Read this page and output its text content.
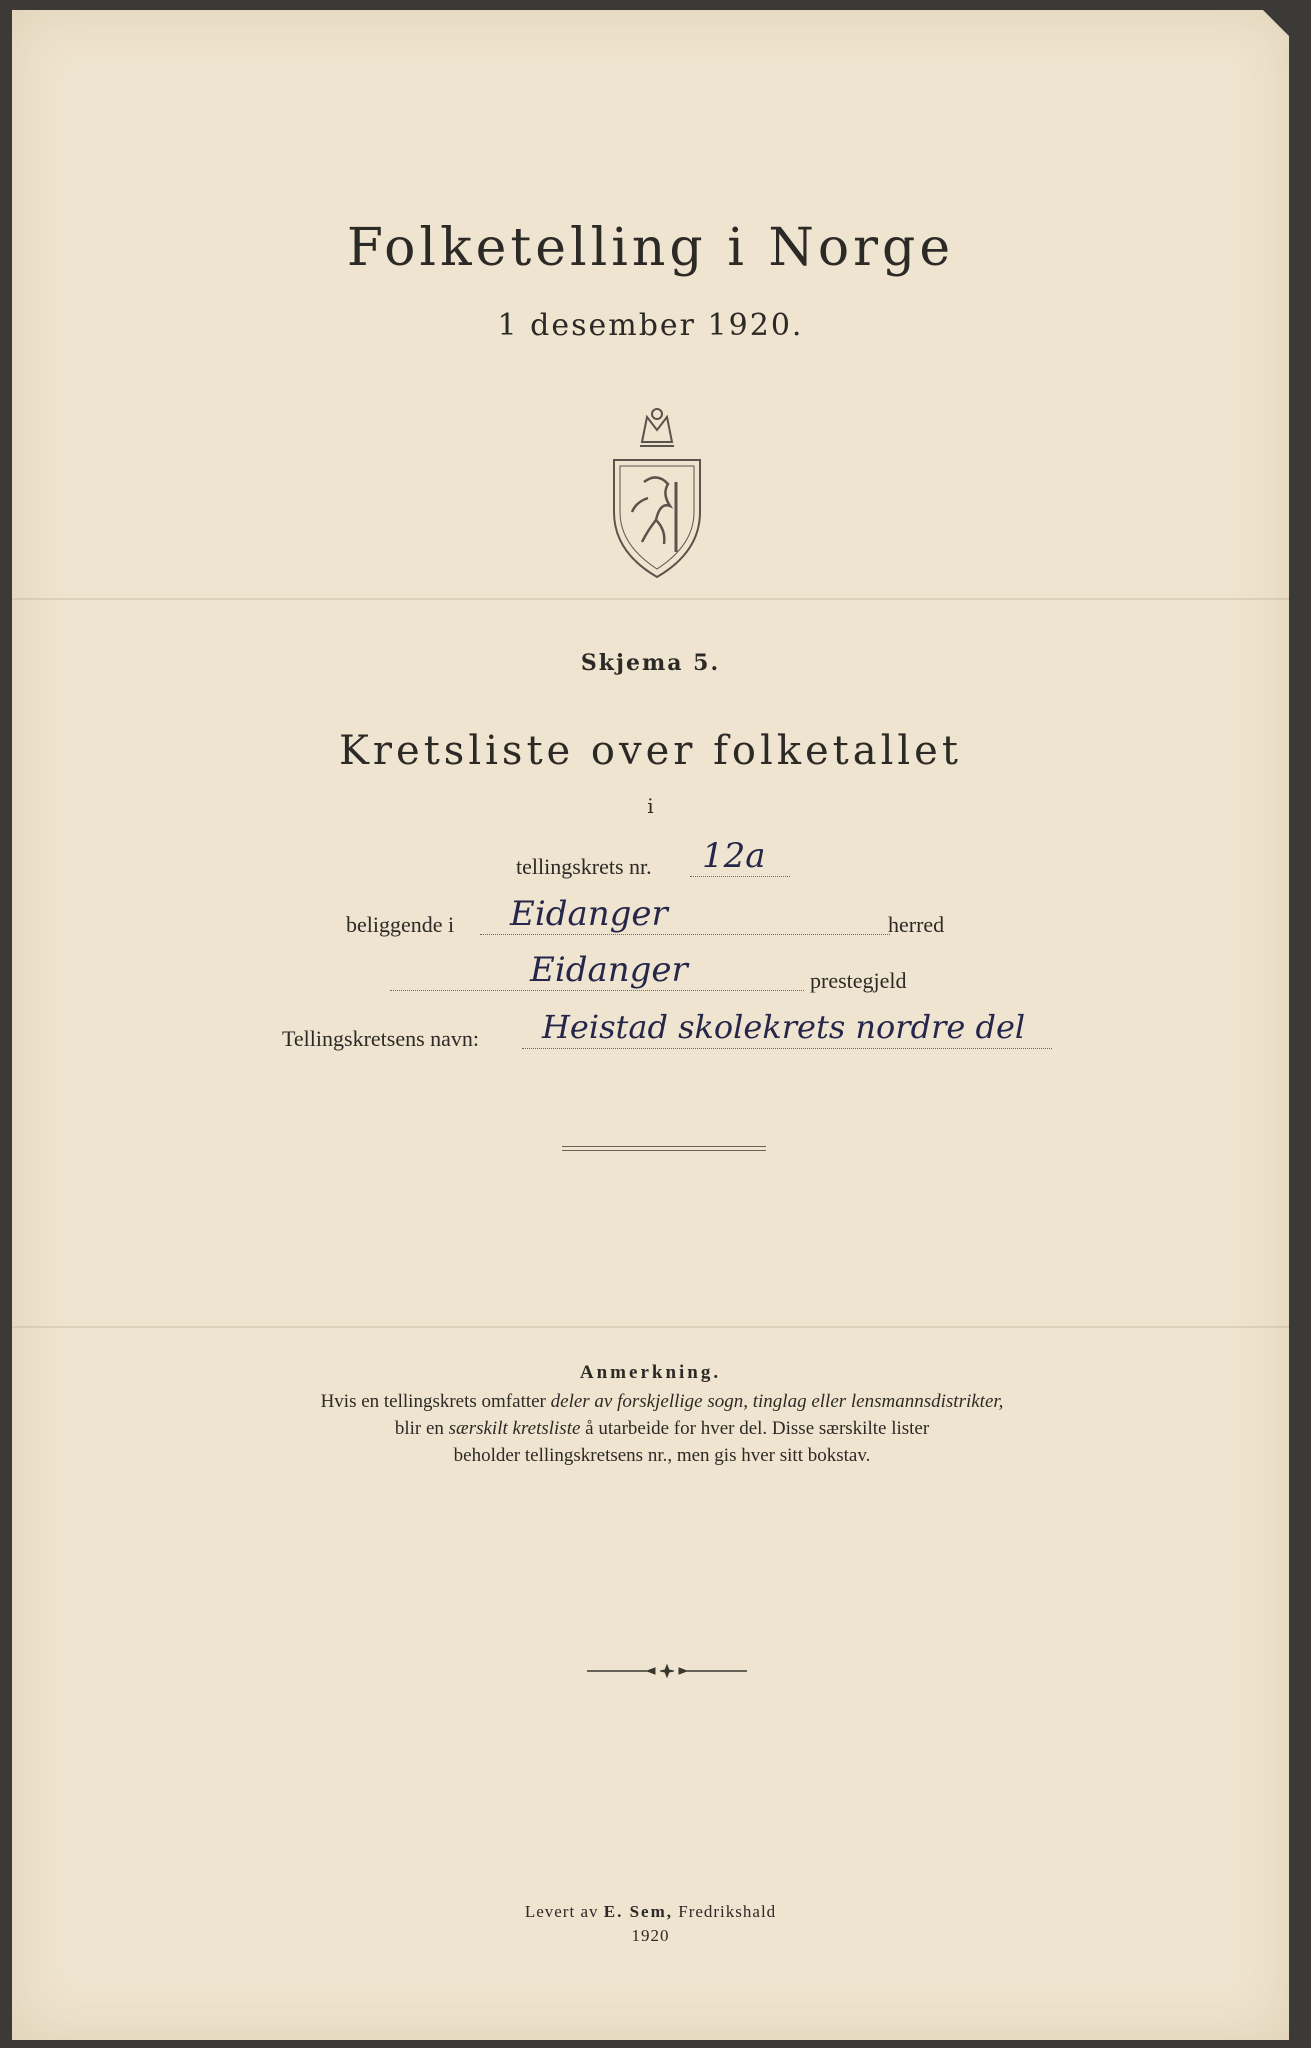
Folketelling i Norge
1 desember 1920.
Skjema 5.
Kretsliste over folketallet
i
tellingskrets nr. 12a
beliggende i Eidanger	herred
Eidanger	prestegjeld
Tellingskretsens navn: Heistad skolekrets nordre del
Anmerkning.
Hvis en tellingskrets omfatter deler av forskjellige sogn, tinglag eller lensmannsdistrikter,
blir en særskilt kretsliste å utarbeide for hver del. Disse særskilte lister
beholder tellingskretsens nr., men gis hver sitt bokstav.
Levert av E. Sem, Fredrikshald
1920
